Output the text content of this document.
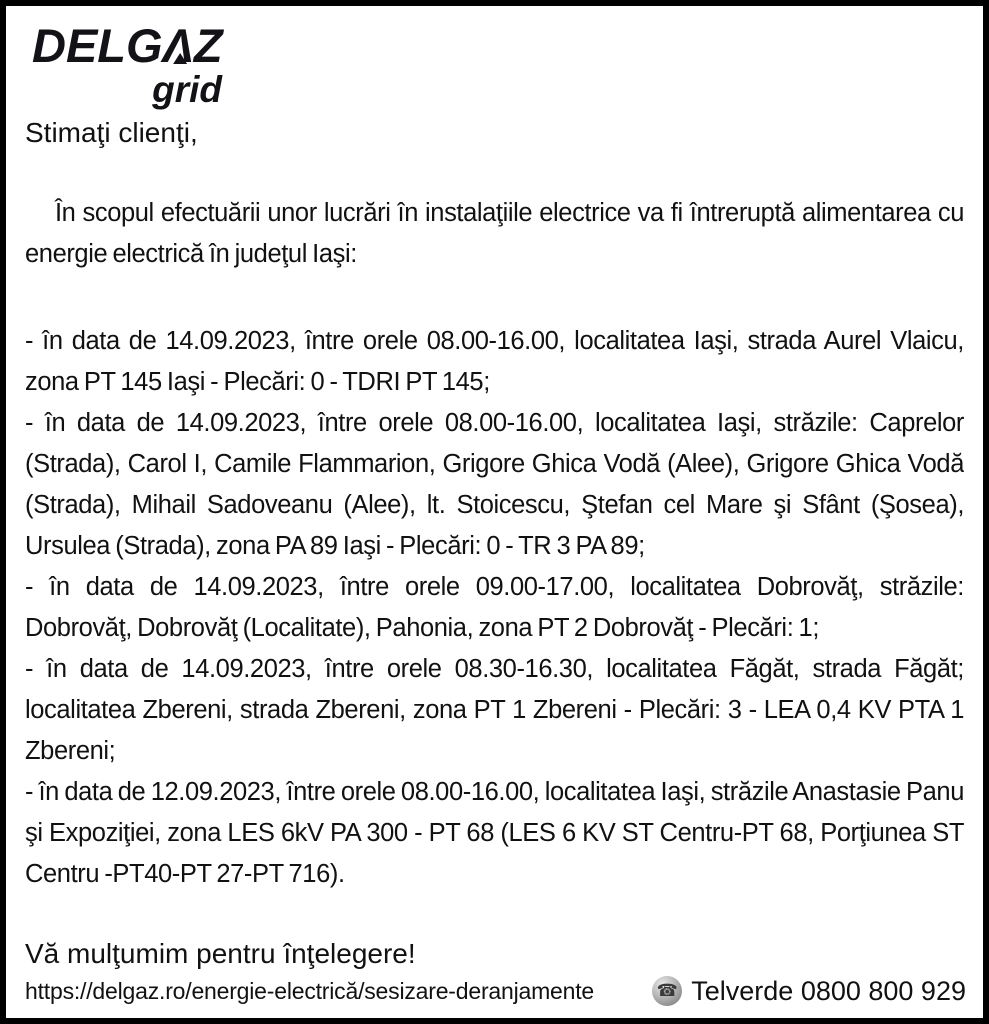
DELGΛ
Z
grid

Stimaţi clienţi,

În scopul efectuării unor lucrări în instalaţiile electrice va fi întreruptă alimentarea cu energie electrică în judeţul Iaşi:

- în data de 14.09.2023, între orele 08.00-16.00, localitatea Iaşi, strada Aurel Vlaicu, zona PT 145 Iaşi - Plecări: 0 - TDRI PT 145;

- în data de 14.09.2023, între orele 08.00-16.00, localitatea Iaşi, străzile: Caprelor (Strada), Carol I, Camile Flammarion, Grigore Ghica Vodă (Alee), Grigore Ghica Vodă (Strada), Mihail Sadoveanu (Alee), lt. Stoicescu, Ştefan cel Mare şi Sfânt (Şosea), Ursulea (Strada), zona PA 89 Iaşi - Plecări: 0 - TR 3 PA 89;

- în data de 14.09.2023, între orele 09.00-17.00, localitatea Dobrovăţ, străzile: Dobrovăţ, Dobrovăţ (Localitate), Pahonia, zona PT 2 Dobrovăţ - Plecări: 1;

- în data de 14.09.2023, între orele 08.30-16.30, localitatea Făgăt, strada Făgăt; localitatea Zbereni, strada Zbereni, zona PT 1 Zbereni - Plecări: 3 - LEA 0,4 KV PTA 1 Zbereni;

- în data de 12.09.2023, între orele 08.00-16.00, localitatea Iaşi, străzile Anastasie Panu şi Expoziţiei, zona LES 6kV PA 300 - PT 68 (LES 6 KV ST Centru-PT 68, Porţiunea ST Centru -PT40-PT 27-PT 716).

Vă mulţumim pentru înţelegere!

https://delgaz.ro/energie-electrică/sesizare-deranjamente	☎ Telverde 0800 800 929
